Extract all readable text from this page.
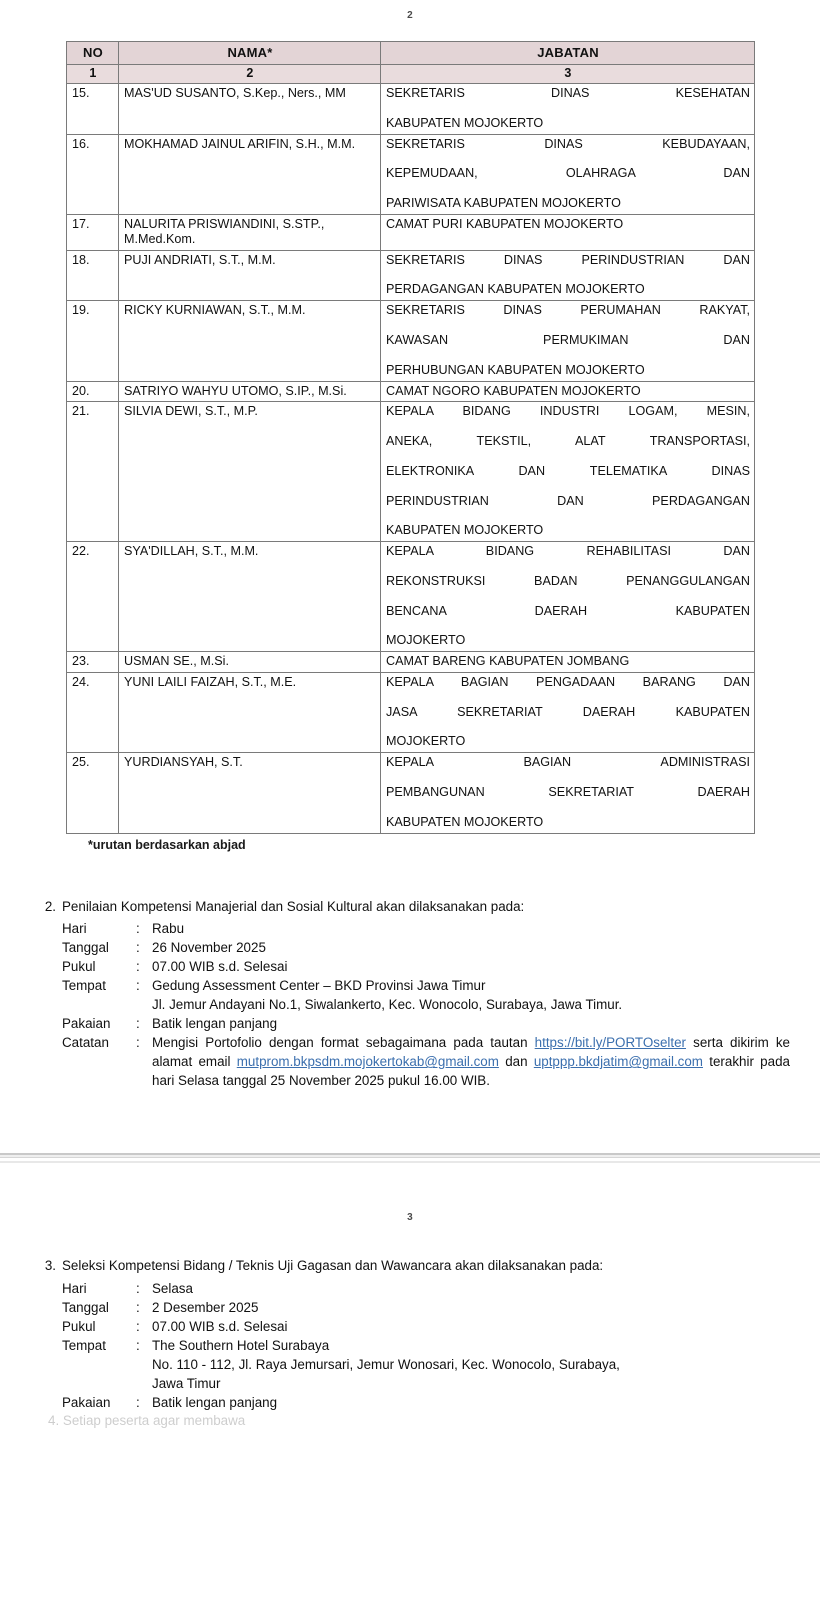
2
NO	NAMA*	JABATAN
1	2	3
15.	MAS'UD SUSANTO, S.Kep., Ners., MM	SEKRETARIS DINAS KESEHATAN
KABUPATEN MOJOKERTO

16.	MOKHAMAD JAINUL ARIFIN, S.H., M.M.	SEKRETARIS DINAS KEBUDAYAAN,
KEPEMUDAAN, OLAHRAGA DAN
PARIWISATA KABUPATEN MOJOKERTO

17.	NALURITA PRISWIANDINI, S.STP., M.Med.Kom.	CAMAT PURI KABUPATEN MOJOKERTO

18.	PUJI ANDRIATI, S.T., M.M.	SEKRETARIS DINAS PERINDUSTRIAN DAN
PERDAGANGAN KABUPATEN MOJOKERTO

19.	RICKY KURNIAWAN, S.T., M.M.	SEKRETARIS DINAS PERUMAHAN RAKYAT,
KAWASAN PERMUKIMAN DAN
PERHUBUNGAN KABUPATEN MOJOKERTO

20.	SATRIYO WAHYU UTOMO, S.IP., M.Si.	CAMAT NGORO KABUPATEN MOJOKERTO

21.	SILVIA DEWI, S.T., M.P.	KEPALA BIDANG INDUSTRI LOGAM, MESIN,
ANEKA, TEKSTIL, ALAT TRANSPORTASI,
ELEKTRONIKA DAN TELEMATIKA DINAS
PERINDUSTRIAN DAN PERDAGANGAN
KABUPATEN MOJOKERTO

22.	SYA'DILLAH, S.T., M.M.	KEPALA BIDANG REHABILITASI DAN
REKONSTRUKSI BADAN PENANGGULANGAN
BENCANA DAERAH KABUPATEN
MOJOKERTO

23.	USMAN SE., M.Si.	CAMAT BARENG KABUPATEN JOMBANG

24.	YUNI LAILI FAIZAH, S.T., M.E.	KEPALA BAGIAN PENGADAAN BARANG DAN
JASA SEKRETARIAT DAERAH KABUPATEN
MOJOKERTO

25.	YURDIANSYAH, S.T.	KEPALA BAGIAN ADMINISTRASI
PEMBANGUNAN SEKRETARIAT DAERAH
KABUPATEN MOJOKERTO
*urutan berdasarkan abjad
2. Penilaian Kompetensi Manajerial dan Sosial Kultural akan dilaksanakan pada:
Hari	: Rabu
Tanggal	: 26 November 2025
Pukul	: 07.00 WIB s.d. Selesai
Tempat	: Gedung Assessment Center – BKD Provinsi Jawa Timur
Jl. Jemur Andayani No.1, Siwalankerto, Kec. Wonocolo, Surabaya, Jawa Timur.
Pakaian	: Batik lengan panjang
Catatan	: Mengisi Portofolio dengan format sebagaimana pada tautan https://bit.ly/PORTOselter serta dikirim ke alamat email mutprom.bkpsdm.mojokertokab@gmail.com dan uptppp.bkdjatim@gmail.com terakhir pada hari Selasa tanggal 25 November 2025 pukul 16.00 WIB.
3
3. Seleksi Kompetensi Bidang / Teknis Uji Gagasan dan Wawancara akan dilaksanakan pada:
Hari	: Selasa
Tanggal	: 2 Desember 2025
Pukul	: 07.00 WIB s.d. Selesai
Tempat	: The Southern Hotel Surabaya
No. 110 - 112, Jl. Raya Jemursari, Jemur Wonosari, Kec. Wonocolo, Surabaya,
Jawa Timur
Pakaian	: Batik lengan panjang
4. Setiap peserta agar membawa
